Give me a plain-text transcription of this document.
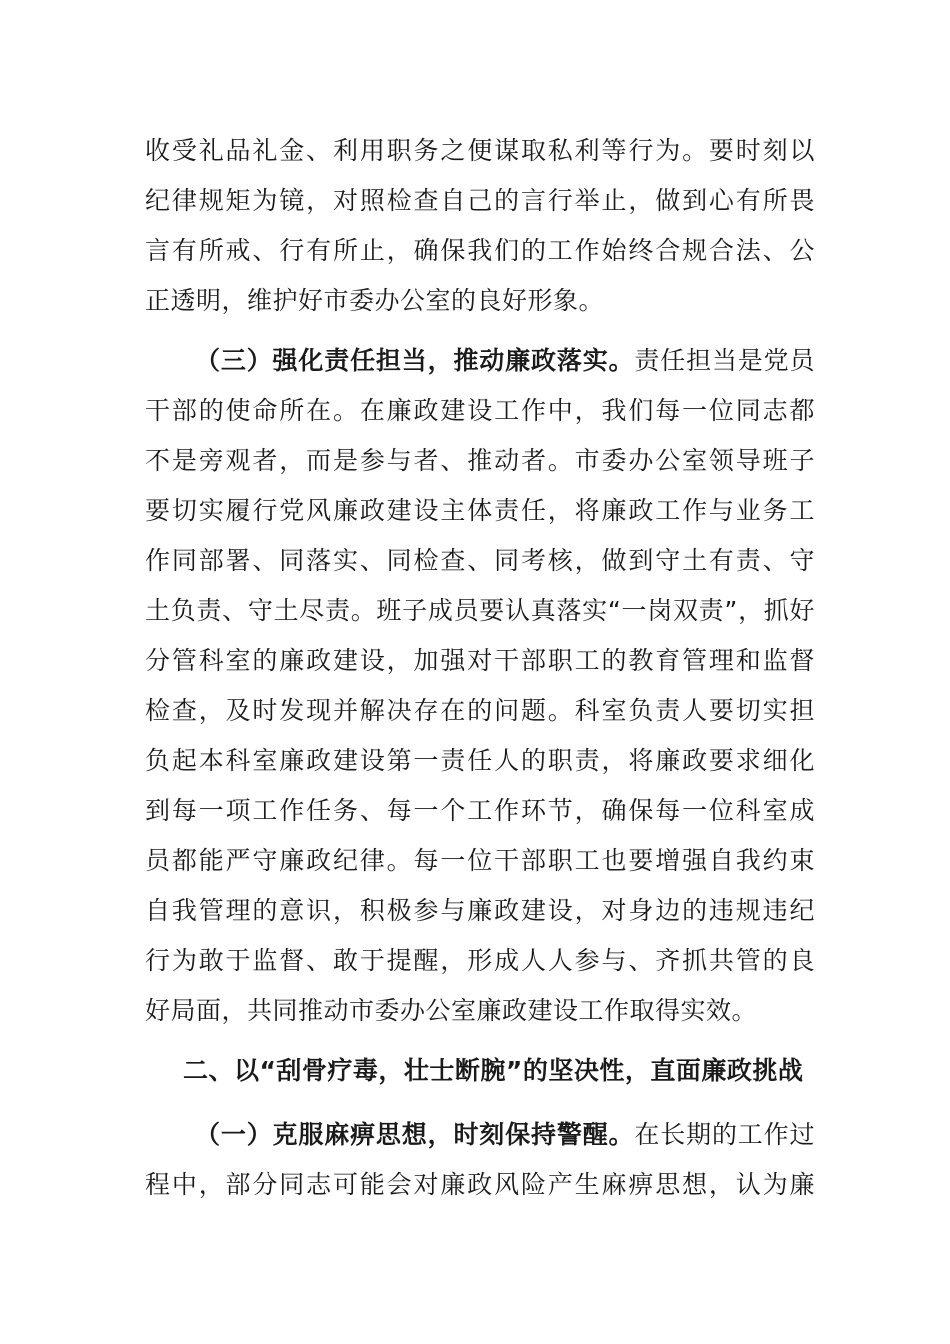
收受礼品礼金、利用职务之便谋取私利等行为。要时刻以

纪律规矩为镜，对照检查自己的言行举止，做到心有所畏

言有所戒、行有所止，确保我们的工作始终合规合法、公

正透明，维护好市委办公室的良好形象。

（三）强化责任担当，推动廉政落实。责任担当是党员

干部的使命所在。在廉政建设工作中，我们每一位同志都

不是旁观者，而是参与者、推动者。市委办公室领导班子

要切实履行党风廉政建设主体责任，将廉政工作与业务工

作同部署、同落实、同检查、同考核，做到守土有责、守

土负责、守土尽责。班子成员要认真落实“一岗双责”，抓好

分管科室的廉政建设，加强对干部职工的教育管理和监督

检查，及时发现并解决存在的问题。科室负责人要切实担

负起本科室廉政建设第一责任人的职责，将廉政要求细化

到每一项工作任务、每一个工作环节，确保每一位科室成

员都能严守廉政纪律。每一位干部职工也要增强自我约束

自我管理的意识，积极参与廉政建设，对身边的违规违纪

行为敢于监督、敢于提醒，形成人人参与、齐抓共管的良

好局面，共同推动市委办公室廉政建设工作取得实效。

二、以“刮骨疗毒，壮士断腕”的坚决性，直面廉政挑战

（一）克服麻痹思想，时刻保持警醒。在长期的工作过

程中，部分同志可能会对廉政风险产生麻痹思想，认为廉
